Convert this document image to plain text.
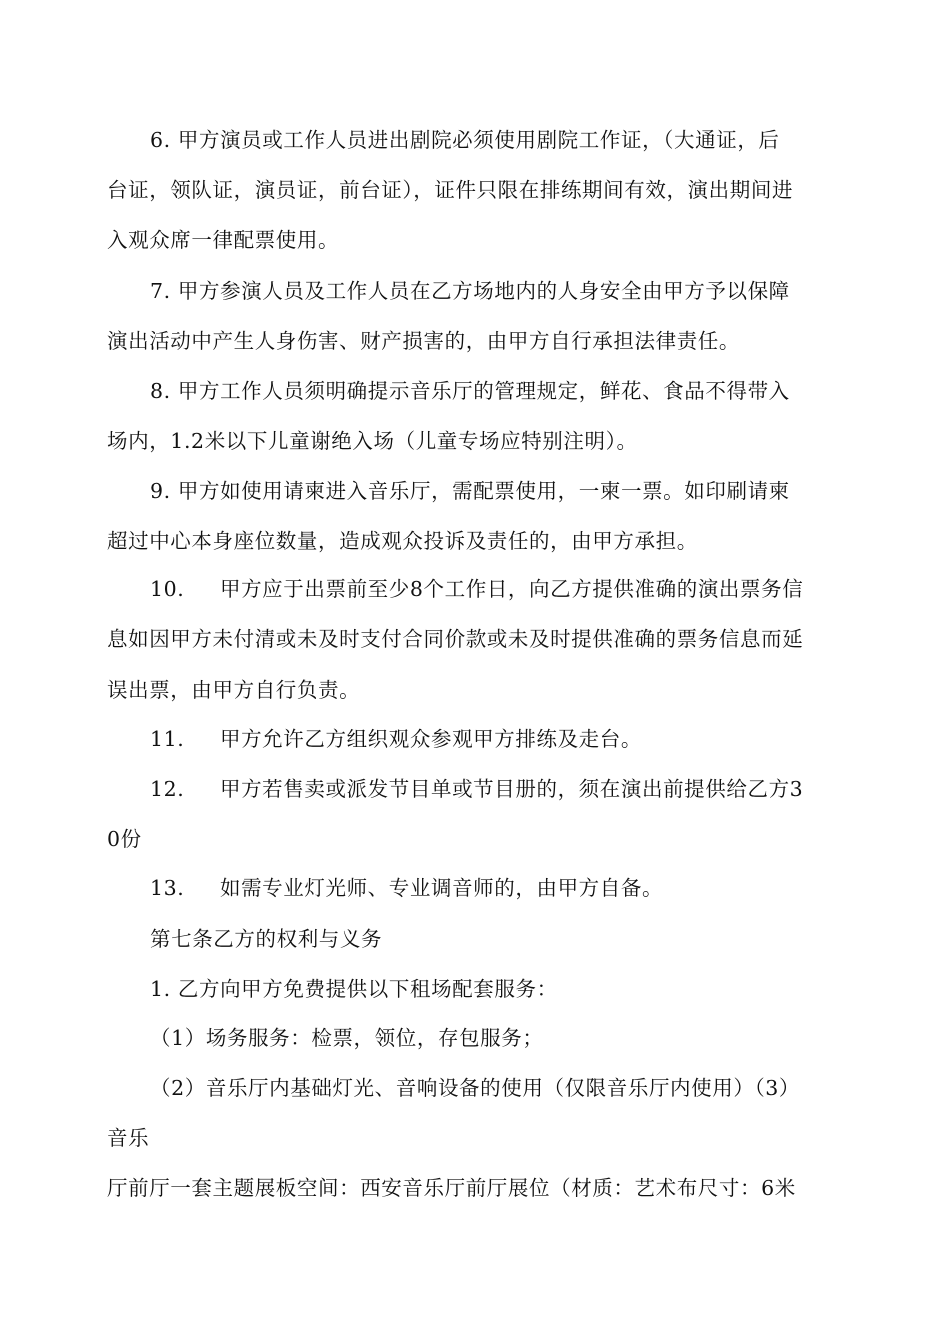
6. 甲方演员或工作人员进出剧院必须使用剧院工作证，（大通证，后
台证，领队证，演员证，前台证），证件只限在排练期间有效，演出期间进
入观众席一律配票使用。
7. 甲方参演人员及工作人员在乙方场地内的人身安全由甲方予以保障
演出活动中产生人身伤害、财产损害的，由甲方自行承担法律责任。
8. 甲方工作人员须明确提示音乐厅的管理规定，鲜花、食品不得带入
场内，1.2米以下儿童谢绝入场（儿童专场应特别注明）。
9. 甲方如使用请柬进入音乐厅，需配票使用，一柬一票。如印刷请柬
超过中心本身座位数量，造成观众投诉及责任的，由甲方承担。
10.     甲方应于出票前至少8个工作日，向乙方提供准确的演出票务信
息如因甲方未付清或未及时支付合同价款或未及时提供准确的票务信息而延
误出票，由甲方自行负责。
11.     甲方允许乙方组织观众参观甲方排练及走台。
12.     甲方若售卖或派发节目单或节目册的，须在演出前提供给乙方3
0份
13.     如需专业灯光师、专业调音师的，由甲方自备。
第七条乙方的权利与义务
1. 乙方向甲方免费提供以下租场配套服务：
（1）场务服务：检票，领位，存包服务；
（2）音乐厅内基础灯光、音响设备的使用（仅限音乐厅内使用）（3）
音乐
厅前厅一套主题展板空间：西安音乐厅前厅展位（材质：艺术布尺寸：6米
